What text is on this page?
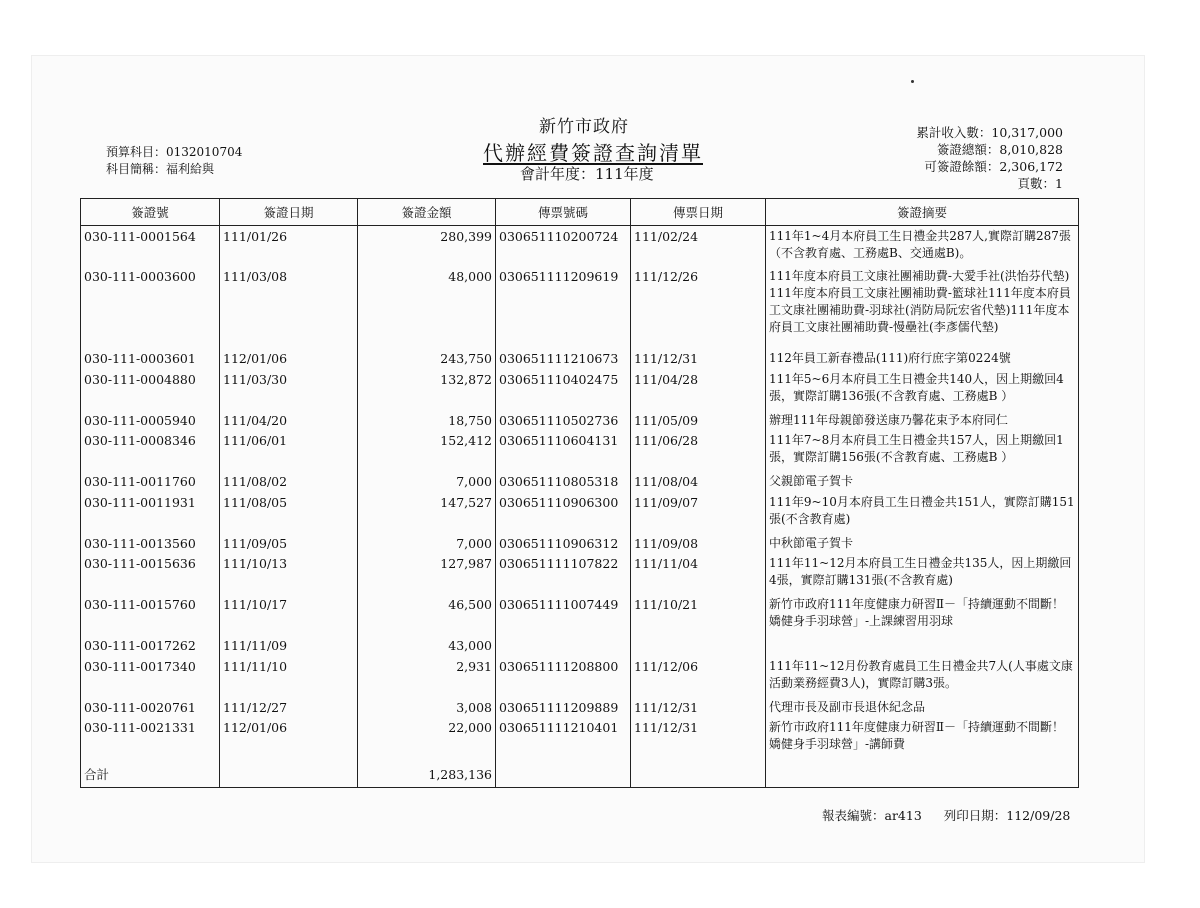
新竹市政府
代辦經費簽證查詢清單
會計年度：111年度
預算科目：0132010704
科目簡稱：福利給與
累計收入數：10,317,000
簽證總額：8,010,828
可簽證餘額：2,306,172
頁數：1
簽證號	簽證日期	簽證金額	傳票號碼	傳票日期	簽證摘要

030-111-0001564	111/01/26	280,399	030651110200724	111/02/24	111年1~4月本府員工生日禮金共287人,實際訂購287張（不含教育處、工務處B、交通處B)。
030-111-0003600	111/03/08	48,000	030651111209619	111/12/26	111年度本府員工文康社團補助費-大愛手社(洪怡芬代墊)111年度本府員工文康社團補助費-籃球社111年度本府員工文康社團補助費-羽球社(消防局阮宏省代墊)111年度本府員工文康社團補助費-慢壘社(李彥儒代墊)
030-111-0003601	112/01/06	243,750	030651111210673	111/12/31	112年員工新春禮品(111)府行庶字第0224號
030-111-0004880	111/03/30	132,872	030651110402475	111/04/28	111年5~6月本府員工生日禮金共140人，因上期繳回4張，實際訂購136張(不含教育處、工務處B ）
030-111-0005940	111/04/20	18,750	030651110502736	111/05/09	辦理111年母親節發送康乃馨花束予本府同仁
030-111-0008346	111/06/01	152,412	030651110604131	111/06/28	111年7~8月本府員工生日禮金共157人，因上期繳回1張，實際訂購156張(不含教育處、工務處B ）
030-111-0011760	111/08/02	7,000	030651110805318	111/08/04	父親節電子賀卡
030-111-0011931	111/08/05	147,527	030651110906300	111/09/07	111年9~10月本府員工生日禮金共151人，實際訂購151張(不含教育處)
030-111-0013560	111/09/05	7,000	030651110906312	111/09/08	中秋節電子賀卡
030-111-0015636	111/10/13	127,987	030651111107822	111/11/04	111年11~12月本府員工生日禮金共135人，因上期繳回4張，實際訂購131張(不含教育處)
030-111-0015760	111/10/17	46,500	030651111007449	111/10/21	新竹市政府111年度健康力研習Ⅱ－「持續運動不間斷！嬌健身手羽球營」-上課練習用羽球
030-111-0017262	111/11/09	43,000			
030-111-0017340	111/11/10	2,931	030651111208800	111/12/06	111年11~12月份教育處員工生日禮金共7人(人事處文康活動業務經費3人)，實際訂購3張。
030-111-0020761	111/12/27	3,008	030651111209889	111/12/31	代理市長及副市長退休紀念品
030-111-0021331	112/01/06	22,000	030651111210401	111/12/31	新竹市政府111年度健康力研習Ⅱ－「持續運動不間斷！嬌健身手羽球營」-講師費

合計		1,283,136			

報表編號：ar413 列印日期：112/09/28
